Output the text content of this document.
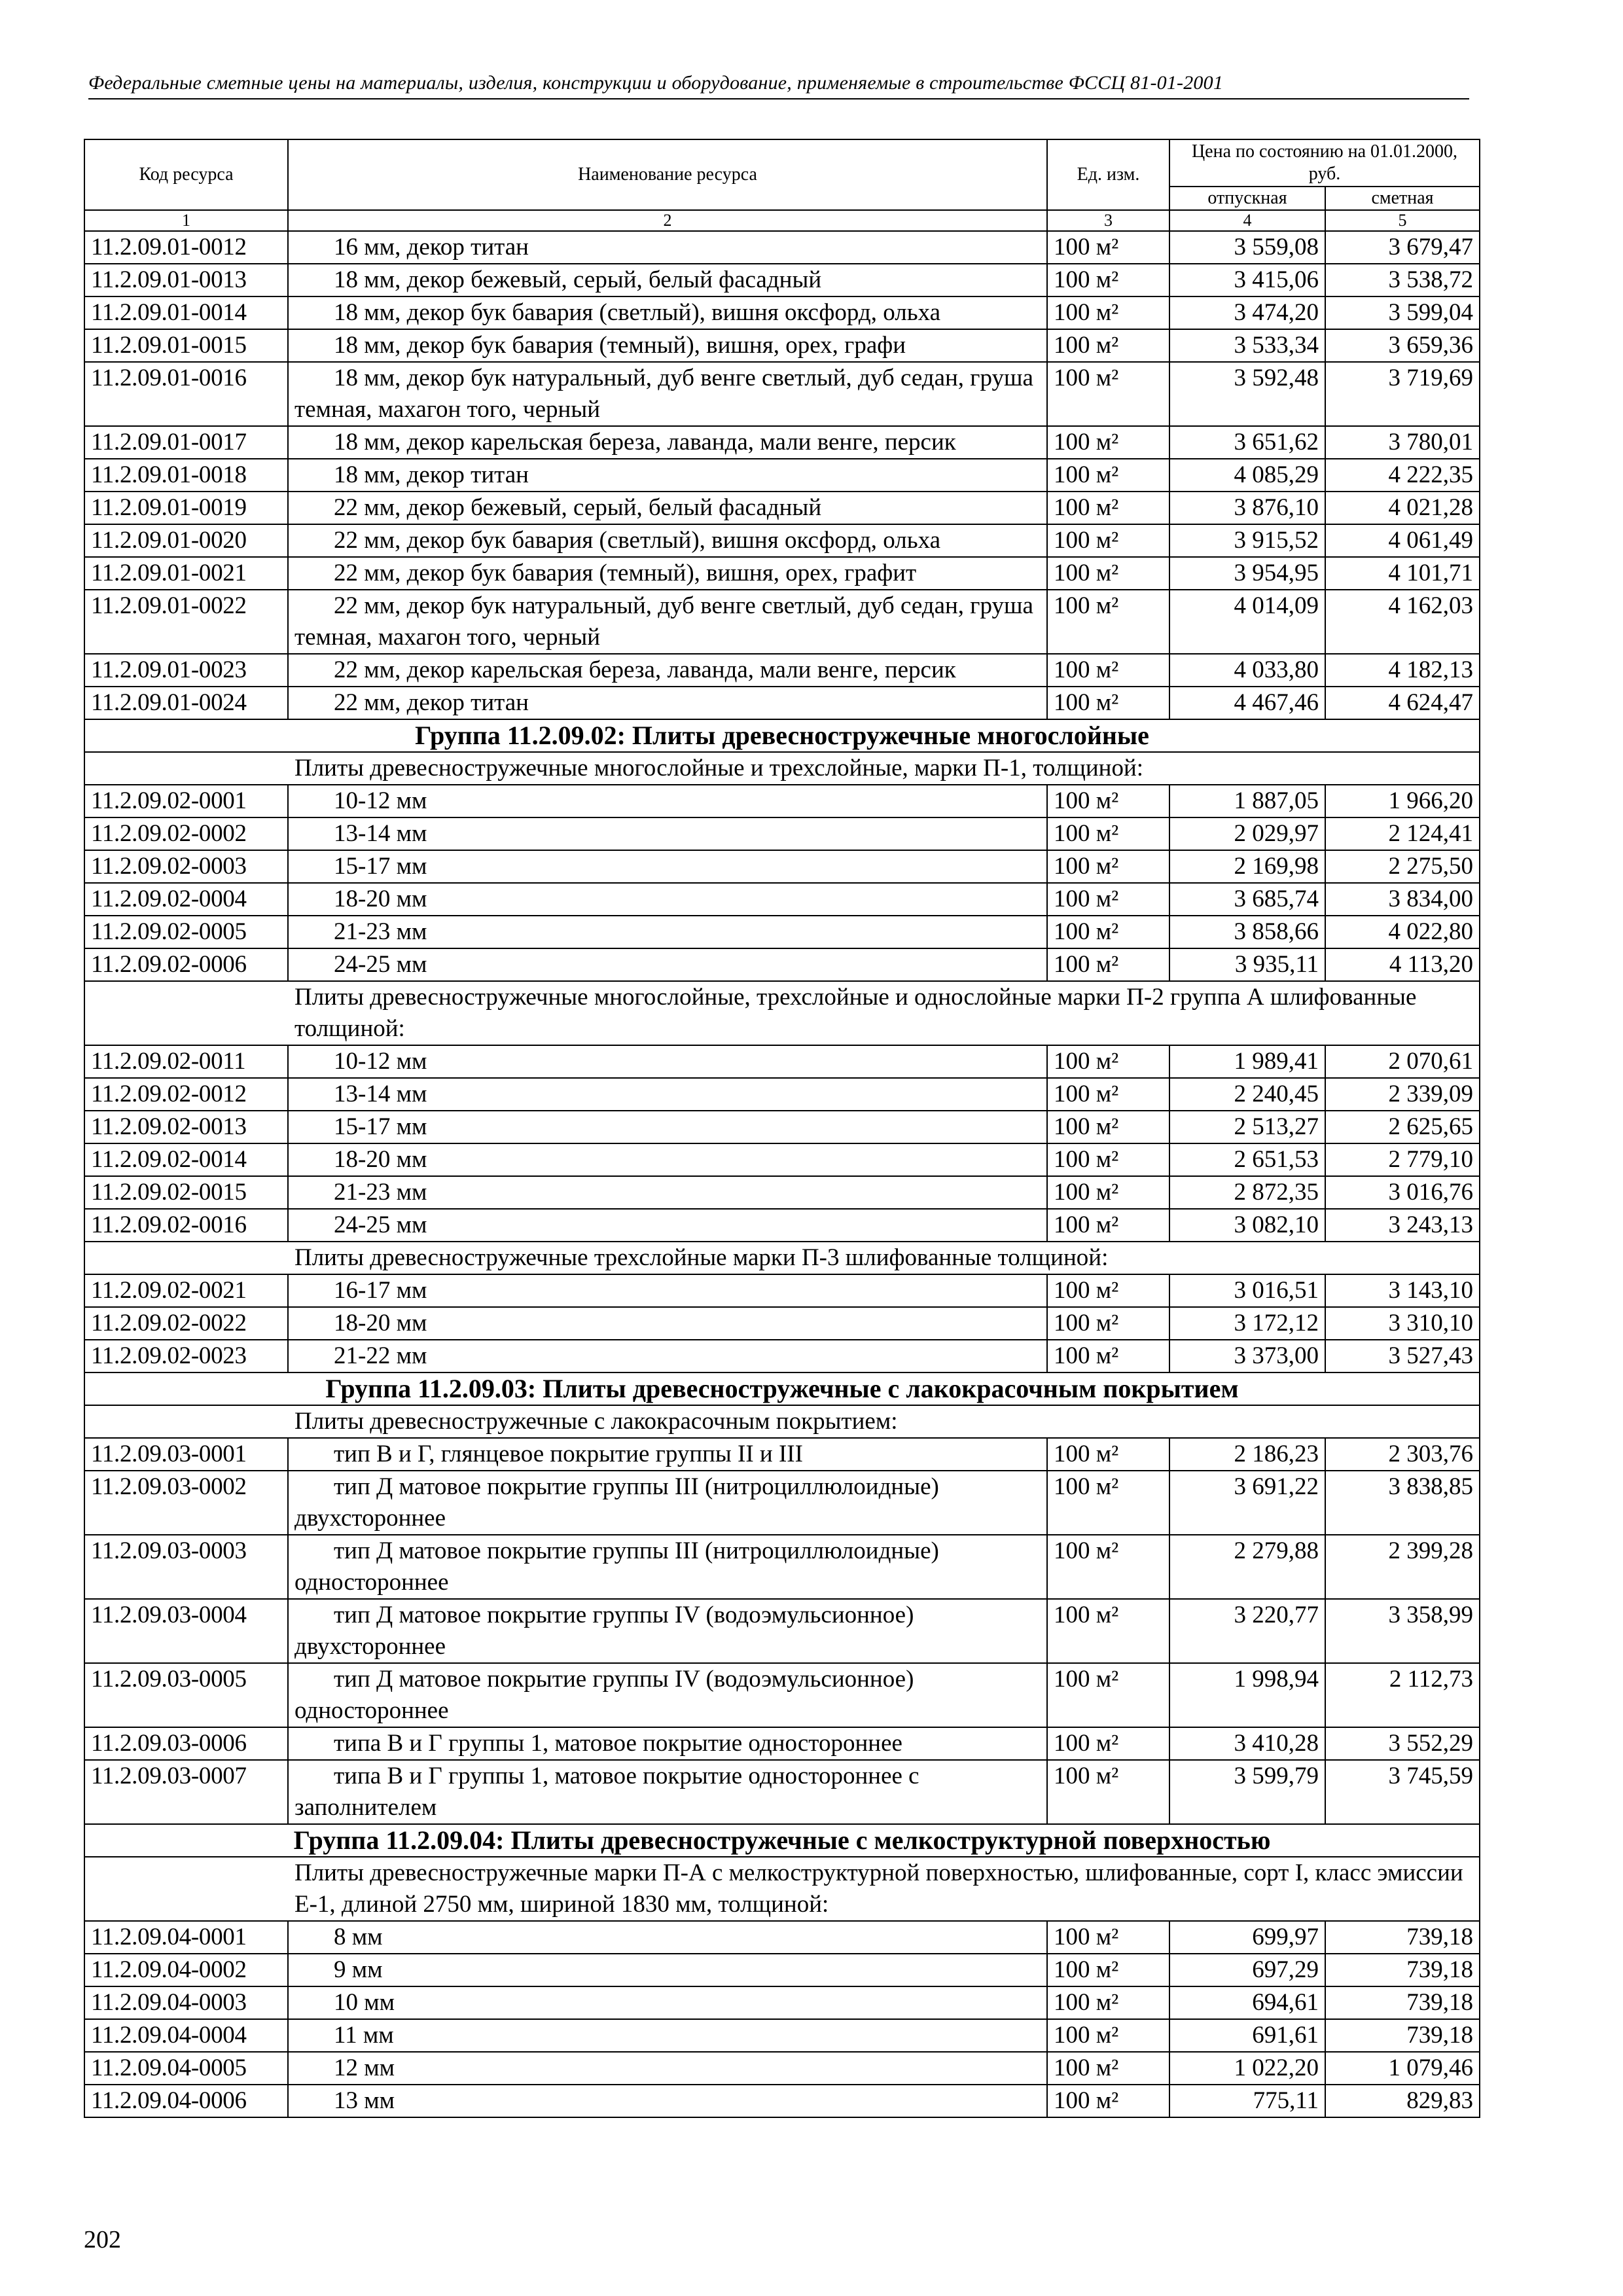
Федеральные сметные цены на материалы, изделия, конструкции и оборудование, применяемые в строительстве ФССЦ 81-01-2001
Код ресурса	Наименование ресурса	Ед. изм.	Цена по состоянию на 01.01.2000, руб.	
			отпускная	сметная
1	2	3	4	5
11.2.09.01-0012	16 мм, декор титан	100 м²	3 559,08	3 679,47
11.2.09.01-0013	18 мм, декор бежевый, серый, белый фасадный	100 м²	3 415,06	3 538,72
11.2.09.01-0014	18 мм, декор бук бавария (светлый), вишня оксфорд, ольха	100 м²	3 474,20	3 599,04
11.2.09.01-0015	18 мм, декор бук бавария (темный), вишня, орех, графи	100 м²	3 533,34	3 659,36
11.2.09.01-0016	18 мм, декор бук натуральный, дуб венге светлый, дуб седан, груша темная, махагон того, черный	100 м²	3 592,48	3 719,69
11.2.09.01-0017	18 мм, декор карельская береза, лаванда, мали венге, персик	100 м²	3 651,62	3 780,01
11.2.09.01-0018	18 мм, декор титан	100 м²	4 085,29	4 222,35
11.2.09.01-0019	22 мм, декор бежевый, серый, белый фасадный	100 м²	3 876,10	4 021,28
11.2.09.01-0020	22 мм, декор бук бавария (светлый), вишня оксфорд, ольха	100 м²	3 915,52	4 061,49
11.2.09.01-0021	22 мм, декор бук бавария (темный), вишня, орех, графит	100 м²	3 954,95	4 101,71
11.2.09.01-0022	22 мм, декор бук натуральный, дуб венге светлый, дуб седан, груша темная, махагон того, черный	100 м²	4 014,09	4 162,03
11.2.09.01-0023	22 мм, декор карельская береза, лаванда, мали венге, персик	100 м²	4 033,80	4 182,13
11.2.09.01-0024	22 мм, декор титан	100 м²	4 467,46	4 624,47
Группа 11.2.09.02: Плиты древесностружечные многослойные				
Плиты древесностружечные многослойные и трехслойные, марки П-1, толщиной:				
11.2.09.02-0001	10-12 мм	100 м²	1 887,05	1 966,20
11.2.09.02-0002	13-14 мм	100 м²	2 029,97	2 124,41
11.2.09.02-0003	15-17 мм	100 м²	2 169,98	2 275,50
11.2.09.02-0004	18-20 мм	100 м²	3 685,74	3 834,00
11.2.09.02-0005	21-23 мм	100 м²	3 858,66	4 022,80
11.2.09.02-0006	24-25 мм	100 м²	3 935,11	4 113,20
Плиты древесностружечные многослойные, трехслойные и однослойные марки П-2 группа А шлифованные толщиной:				
11.2.09.02-0011	10-12 мм	100 м²	1 989,41	2 070,61
11.2.09.02-0012	13-14 мм	100 м²	2 240,45	2 339,09
11.2.09.02-0013	15-17 мм	100 м²	2 513,27	2 625,65
11.2.09.02-0014	18-20 мм	100 м²	2 651,53	2 779,10
11.2.09.02-0015	21-23 мм	100 м²	2 872,35	3 016,76
11.2.09.02-0016	24-25 мм	100 м²	3 082,10	3 243,13
Плиты древесностружечные трехслойные марки П-3 шлифованные толщиной:				
11.2.09.02-0021	16-17 мм	100 м²	3 016,51	3 143,10
11.2.09.02-0022	18-20 мм	100 м²	3 172,12	3 310,10
11.2.09.02-0023	21-22 мм	100 м²	3 373,00	3 527,43
Группа 11.2.09.03: Плиты древесностружечные с лакокрасочным покрытием				
Плиты древесностружечные с лакокрасочным покрытием:				
11.2.09.03-0001	тип В и Г, глянцевое покрытие группы II и III	100 м²	2 186,23	2 303,76
11.2.09.03-0002	тип Д матовое покрытие группы III (нитроциллюлоидные) двухстороннее	100 м²	3 691,22	3 838,85
11.2.09.03-0003	тип Д матовое покрытие группы III (нитроциллюлоидные) одностороннее	100 м²	2 279,88	2 399,28
11.2.09.03-0004	тип Д матовое покрытие группы IV (водоэмульсионное) двухстороннее	100 м²	3 220,77	3 358,99
11.2.09.03-0005	тип Д матовое покрытие группы IV (водоэмульсионное) одностороннее	100 м²	1 998,94	2 112,73
11.2.09.03-0006	типа В и Г группы 1, матовое покрытие одностороннее	100 м²	3 410,28	3 552,29
11.2.09.03-0007	типа В и Г группы 1, матовое покрытие одностороннее с заполнителем	100 м²	3 599,79	3 745,59
Группа 11.2.09.04: Плиты древесностружечные с мелкоструктурной поверхностью				
Плиты древесностружечные марки П-А с мелкоструктурной поверхностью, шлифованные, сорт I, класс эмиссии Е-1, длиной 2750 мм, шириной 1830 мм, толщиной:				
11.2.09.04-0001	8 мм	100 м²	699,97	739,18
11.2.09.04-0002	9 мм	100 м²	697,29	739,18
11.2.09.04-0003	10 мм	100 м²	694,61	739,18
11.2.09.04-0004	11 мм	100 м²	691,61	739,18
11.2.09.04-0005	12 мм	100 м²	1 022,20	1 079,46
11.2.09.04-0006	13 мм	100 м²	775,11	829,83
202
